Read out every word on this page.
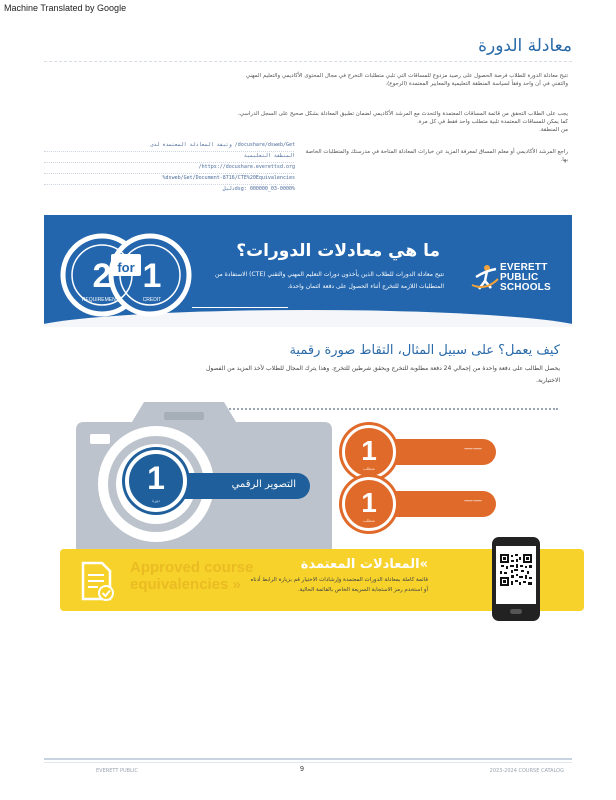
Machine Translated by Google
معادلة الدورة

تتيح معادلة الدورة للطلاب فرصة الحصول على رصيد مزدوج للمساقات التي تلبي متطلبات التخرج في مجال المحتوى الأكاديمي والتعليم المهني والتقني في آن واحد وفقاً لسياسة المنطقة التعليمية والمعايير المعتمدة (الرجوع).

يجب على الطلاب التحقق من قائمة المساقات المعتمدة والتحدث مع المرشد الأكاديمي لضمان تطبيق المعادلة بشكل صحيح على السجل الدراسي، كما يمكن للمساقات المعتمدة تلبية متطلب واحد فقط في كل مرة.
من المنطقة.

راجع المرشد الأكاديمي أو معلم المساق لمعرفة المزيد عن خيارات المعادلة المتاحة في مدرستك والمتطلبات الخاصة بها.

docushare/dsweb/Get/ وثيقة المعادلة المعتمدة لدى المنطقة التعليمية
https://docushare.everettsd.org/
dsweb/Get/Document-8716/CTE%20Equivalencies%
dsg: 000000_03-0000%دليل
ما هي معادلات الدورات؟
تتيح معادلة الدورات للطلاب الذين يأخذون دورات التعليم المهني والتقني (CTE) الاستفادة من المتطلبات اللازمة للتخرج أثناء الحصول على دفعة ائتمان واحدة.
EVERETT
PUBLIC
SCHOOLS
2 for 1
REQUIREMENTS	CREDIT
كيف يعمل؟ على سبيل المثال، التقاط صورة رقمية

يحصل الطالب على دفعة واحدة من إجمالي 24 دفعة مطلوبة للتخرج ويحقق شرطين للتخرج. وهذا يترك المجال للطلاب لأخذ المزيد من الفصول الاختيارية.

التصوير الرقمي
1
دورة
——
1
متطلب
——
1
متطلب
Approved course
equivalencies »
»المعادلات المعتمدة

قائمة كاملة بمعادلة الدورات المعتمدة وإرشادات الاختيار قم بزيارة الرابط أدناه أو استخدم رمز الاستجابة السريعة الخاص بالقائمة الحالية.

EVERETT PUBLIC	9	2023-2024 COURSE CATALOG
